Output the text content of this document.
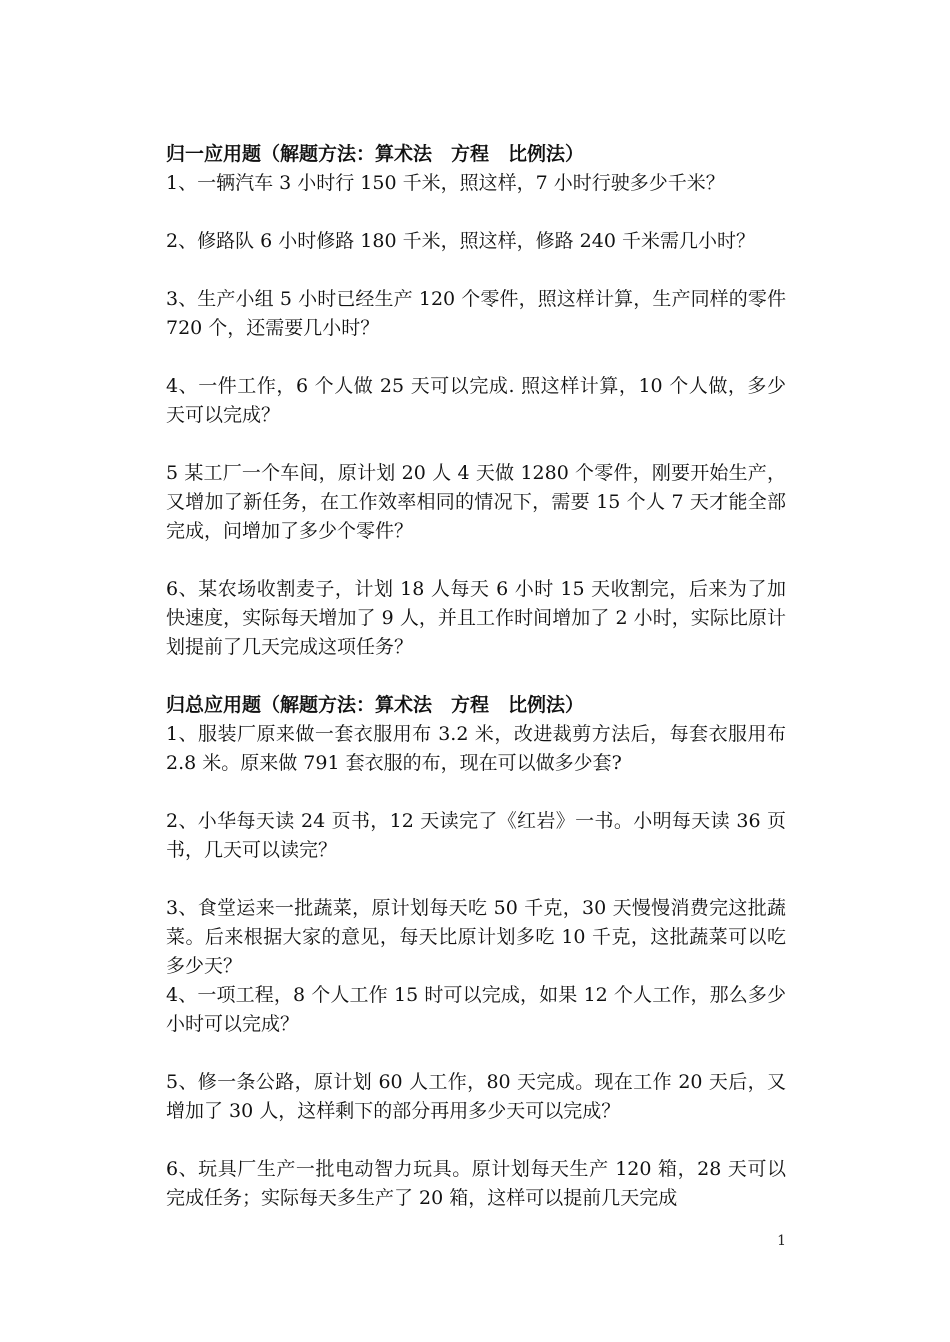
归一应用题（解题方法：算术法　方程　比例法）

1、一辆汽车 3 小时行 150 千米，照这样，7 小时行驶多少千米？

2、修路队 6 小时修路 180 千米，照这样，修路 240 千米需几小时？

3、生产小组 5 小时已经生产 120 个零件，照这样计算，生产同样的零件 720 个，还需要几小时？

4、一件工作，6 个人做 25 天可以完成. 照这样计算，10 个人做，多少天可以完成？

5 某工厂一个车间，原计划 20 人 4 天做 1280 个零件，刚要开始生产，又增加了新任务，在工作效率相同的情况下，需要 15 个人 7 天才能全部完成，问增加了多少个零件？

6、某农场收割麦子，计划 18 人每天 6 小时 15 天收割完，后来为了加快速度，实际每天增加了 9 人，并且工作时间增加了 2 小时，实际比原计划提前了几天完成这项任务？

归总应用题（解题方法：算术法　方程　比例法）

1、服装厂原来做一套衣服用布 3.2 米，改进裁剪方法后，每套衣服用布 2.8 米。原来做 791 套衣服的布，现在可以做多少套?

2、小华每天读 24 页书，12 天读完了《红岩》一书。小明每天读 36 页书，几天可以读完？

3、食堂运来一批蔬菜，原计划每天吃 50 千克，30 天慢慢消费完这批蔬菜。后来根据大家的意见，每天比原计划多吃 10 千克，这批蔬菜可以吃多少天？

4、一项工程，8 个人工作 15 时可以完成，如果 12 个人工作，那么多少小时可以完成？

5、修一条公路，原计划 60 人工作，80 天完成。现在工作 20 天后，又增加了 30 人，这样剩下的部分再用多少天可以完成？

6、玩具厂生产一批电动智力玩具。原计划每天生产 120 箱，28 天可以完成任务；实际每天多生产了 20 箱，这样可以提前几天完成

1
